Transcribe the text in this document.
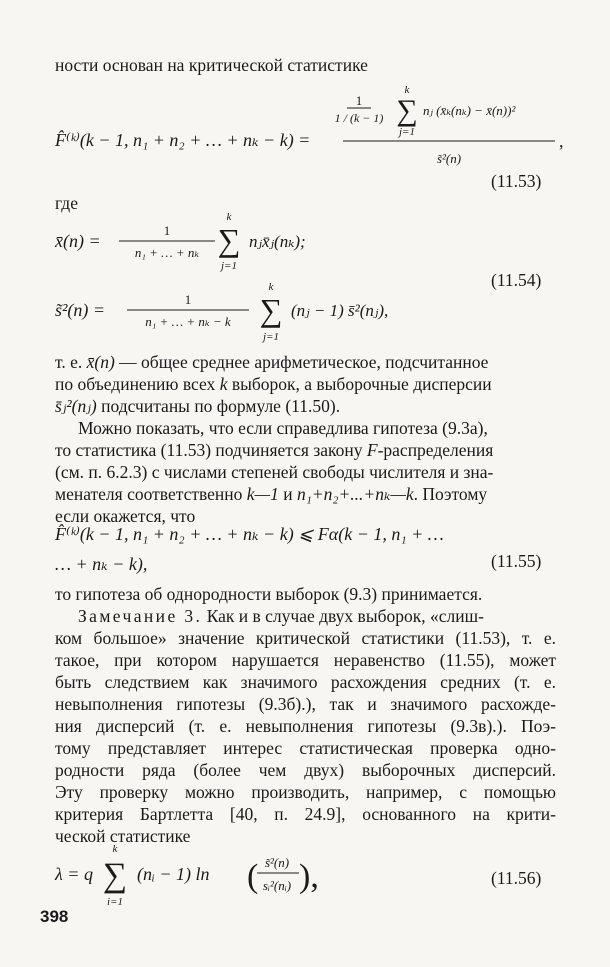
ности основан на критической статистике
1
1 / (k − 1)
k
∑
j=1
nⱼ (x̄ₖ(nₖ) − x̄(n))²
F̂⁽ᵏ⁾(k − 1, n₁ + n₂ + … + nₖ − k) =
s̃²(n)
,
(11.53)
где
x̄(n) =
1
n₁ + … + nₖ
k
∑
j=1
nⱼx̄ⱼ(nₖ);
(11.54)
s̃²(n) =
1
n₁ + … + nₖ − k
k
∑
j=1
(nⱼ − 1) s̄²(nⱼ),
т. е. x̄(n) — общее среднее арифметическое, подсчитанное
по объединению всех k выборок, а выборочные дисперсии
s̄ⱼ²(nⱼ) подсчитаны по формуле (11.50).
Можно показать, что если справедлива гипотеза (9.3а),
то статистика (11.53) подчиняется закону F-распределения
(см. п. 6.2.3) с числами степеней свободы числителя и зна-
менателя соответственно k—1 и n₁+n₂+...+nₖ—k. Поэтому
если окажется, что
F̂⁽ᵏ⁾(k − 1, n₁ + n₂ + … + nₖ − k) ⩽ Fα(k − 1, n₁ + …
… + nₖ − k),	(11.55)
то гипотеза об однородности выборок (9.3) принимается.
Замечание 3. Как и в случае двух выборок, «слиш-
ком большое» значение критической статистики (11.53), т. е.
такое, при котором нарушается неравенство (11.55), может
быть следствием как значимого расхождения средних (т. е.
невыполнения гипотезы (9.3б).), так и значимого расхожде-
ния дисперсий (т. е. невыполнения гипотезы (9.3в).). Поэ-
тому представляет интерес статистическая проверка одно-
родности ряда (более чем двух) выборочных дисперсий.
Эту проверку можно производить, например, с помощью
критерия Бартлетта [40, п. 24.9], основанного на крити-
ческой статистике
λ = q
k
∑
i=1
(nᵢ − 1) ln ( s̃²(n)
sᵢ²(nᵢ) ),	(11.56)
398
